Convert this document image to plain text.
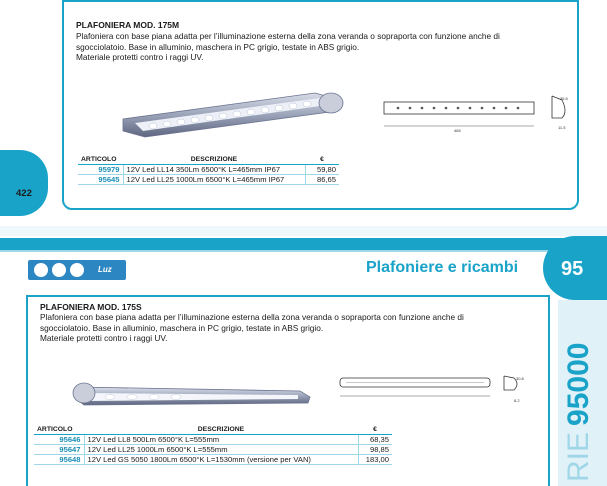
422
PLAFONIERA MOD. 175M
Plafoniera con base piana adatta per l’illuminazione esterna della zona veranda o sopraporta con funzione anche di
sgocciolatoio. Base in alluminio, maschera in PC grigio, testate in ABS grigio.
Materiale protetti contro i raggi UV.
465
35.5
11.5
ARTICOLO	DESCRIZIONE	€
95979	12V Led LL14 350Lm 6500°K L=465mm IP67	59,80
95645	12V Led LL25 1000Lm 6500°K L=465mm IP67	86,65
Luz	Plafoniere e ricambi
PLAFONIERA MOD. 175S
Plafoniera con base piana adatta per l’illuminazione esterna della zona veranda o sopraporta con funzione anche di
sgocciolatoio. Base in alluminio, maschera in PC grigio, testate in ABS grigio.
Materiale protetti contro i raggi UV.
95
RIE95000
30.8
8.2
ARTICOLO	DESCRIZIONE	€
95646	12V Led LL8 500Lm 6500°K L=555mm	68,35
95647	12V Led LL25 1000Lm 6500°K L=555mm	98,85
95648	12V Led GS 5050 1800Lm 6500°K L=1530mm (versione per VAN)	183,00
